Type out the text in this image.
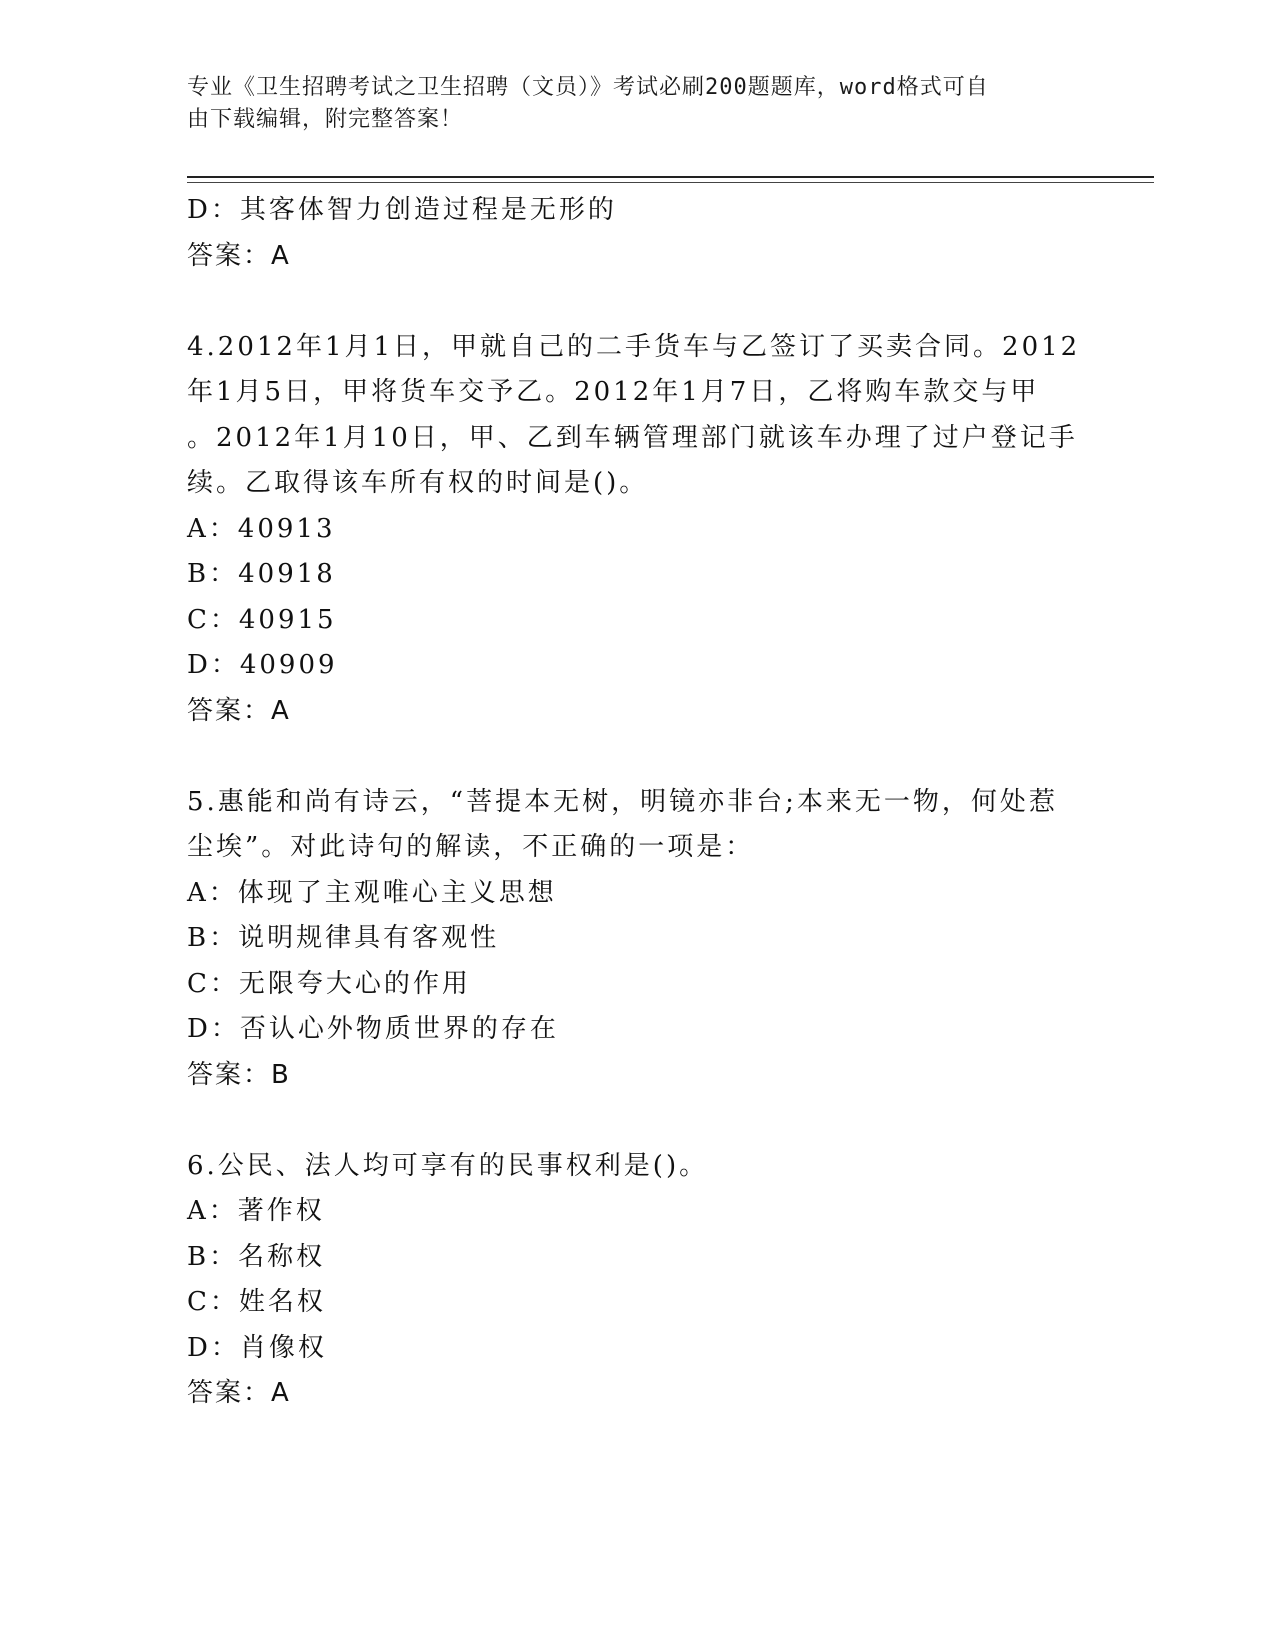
专业《卫生招聘考试之卫生招聘（文员）》考试必刷200题题库，word格式可自
由下载编辑，附完整答案！
D：其客体智力创造过程是无形的
答案：A
4.2012年1月1日，甲就自己的二手货车与乙签订了买卖合同。2012
年1月5日，甲将货车交予乙。2012年1月7日，乙将购车款交与甲
。2012年1月10日，甲、乙到车辆管理部门就该车办理了过户登记手
续。乙取得该车所有权的时间是()。
A：40913
B：40918
C：40915
D：40909
答案：A
5.惠能和尚有诗云，“菩提本无树，明镜亦非台;本来无一物，何处惹
尘埃”。对此诗句的解读，不正确的一项是：
A：体现了主观唯心主义思想
B：说明规律具有客观性
C：无限夸大心的作用
D：否认心外物质世界的存在
答案：B
6.公民、法人均可享有的民事权利是()。
A：著作权
B：名称权
C：姓名权
D：肖像权
答案：A
